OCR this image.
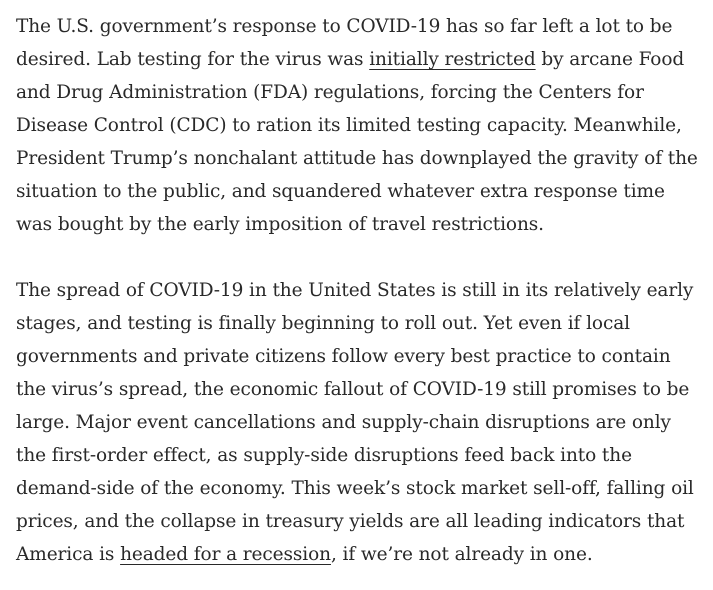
The U.S. government’s response to COVID-19 has so far left a lot to be desired. Lab testing for the virus was initially restricted by arcane Food and Drug Administration (FDA) regulations, forcing the Centers for Disease Control (CDC) to ration its limited testing capacity. Meanwhile, President Trump’s nonchalant attitude has downplayed the gravity of the situation to the public, and squandered whatever extra response time was bought by the early imposition of travel restrictions.

The spread of COVID-19 in the United States is still in its relatively early stages, and testing is finally beginning to roll out. Yet even if local governments and private citizens follow every best practice to contain the virus’s spread, the economic fallout of COVID-19 still promises to be large. Major event cancellations and supply-chain disruptions are only the first-order effect, as supply-side disruptions feed back into the demand-side of the economy. This week’s stock market sell-off, falling oil prices, and the collapse in treasury yields are all leading indicators that America is headed for a recession, if we’re not already in one.
